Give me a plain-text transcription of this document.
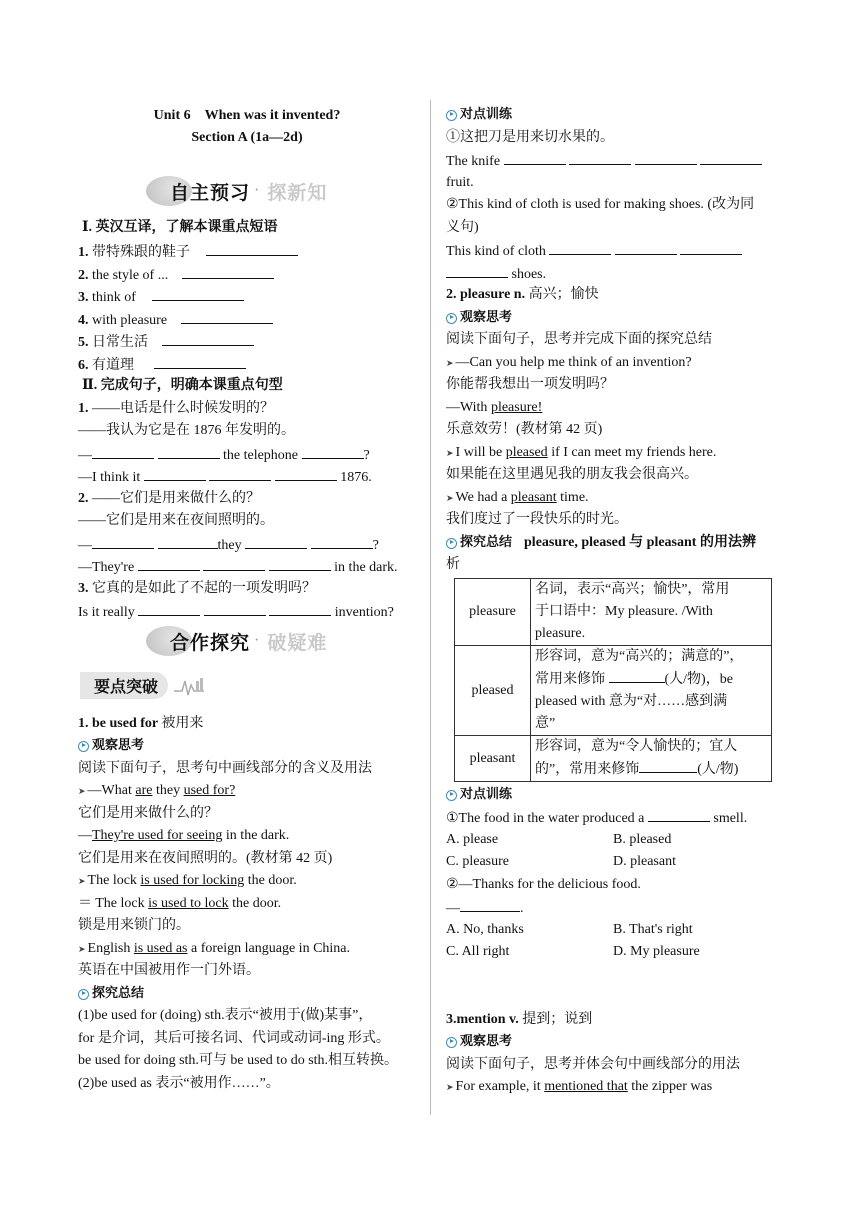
Unit 6　When was it invented?
Section A (1a—2d)
自主预习 · 探新知
Ⅰ. 英汉互译，了解本课重点短语
1. 带特殊跟的鞋子
2. the style of ...
3. think of
4. with pleasure
5. 日常生活
6. 有道理
Ⅱ. 完成句子，明确本课重点句型
1. ——电话是什么时候发明的？
——我认为它是在 1876 年发明的。
—	the telephone	?
—I think it	1876.
2. ——它们是用来做什么的？
——它们是用来在夜间照明的。
—	they	?
—They're	in the dark.
3. 它真的是如此了不起的一项发明吗？
Is it really	invention?
合作探究 · 破疑难
要点突破
1. be used for 被用来
观察思考
阅读下面句子，思考句中画线部分的含义及用法
➤ —What are they used for?
它们是用来做什么的？
—They're used for seeing in the dark.
它们是用来在夜间照明的。(教材第 42 页)
➤ The lock is used for locking the door.
＝ The lock is used to lock the door.
锁是用来锁门的。
➤ English is used as a foreign language in China.
英语在中国被用作一门外语。
探究总结
(1)be used for (doing) sth.表示“被用于(做)某事”，
for 是介词，其后可接名词、代词或动词-ing 形式。
be used for doing sth.可与 be used to do sth.相互转换。
(2)be used as 表示“被用作……”。
对点训练
①这把刀是用来切水果的。
The knife
fruit.
②This kind of cloth is used for making shoes. (改为同
义句)
This kind of cloth
shoes.
2. pleasure n. 高兴；愉快
观察思考
阅读下面句子，思考并完成下面的探究总结
➤ —Can you help me think of an invention?
你能帮我想出一项发明吗？
—With pleasure!
乐意效劳！(教材第 42 页)
➤ I will be pleased if I can meet my friends here.
如果能在这里遇见我的朋友我会很高兴。
➤ We had a pleasant time.
我们度过了一段快乐的时光。
探究总结 pleasure, pleased 与 pleasant 的用法辨
析
pleasure	名词，表示“高兴；愉快”，常用
于口语中：My pleasure. /With
pleasure.

pleased	形容词，意为“高兴的；满意的”，
常用来修饰 (人/物)，be
pleased with 意为“对……感到满
意”

pleasant	形容词，意为“令人愉快的；宜人
的”，常用来修饰 (人/物)
对点训练
①The food in the water produced a	smell.
A. please	B. pleased
C. pleasure	D. pleasant
②—Thanks for the delicious food.
—	.
A. No, thanks	B. That's right
C. All right	D. My pleasure
3.mention v. 提到；说到
观察思考
阅读下面句子，思考并体会句中画线部分的用法
➤ For example, it mentioned that the zipper was
